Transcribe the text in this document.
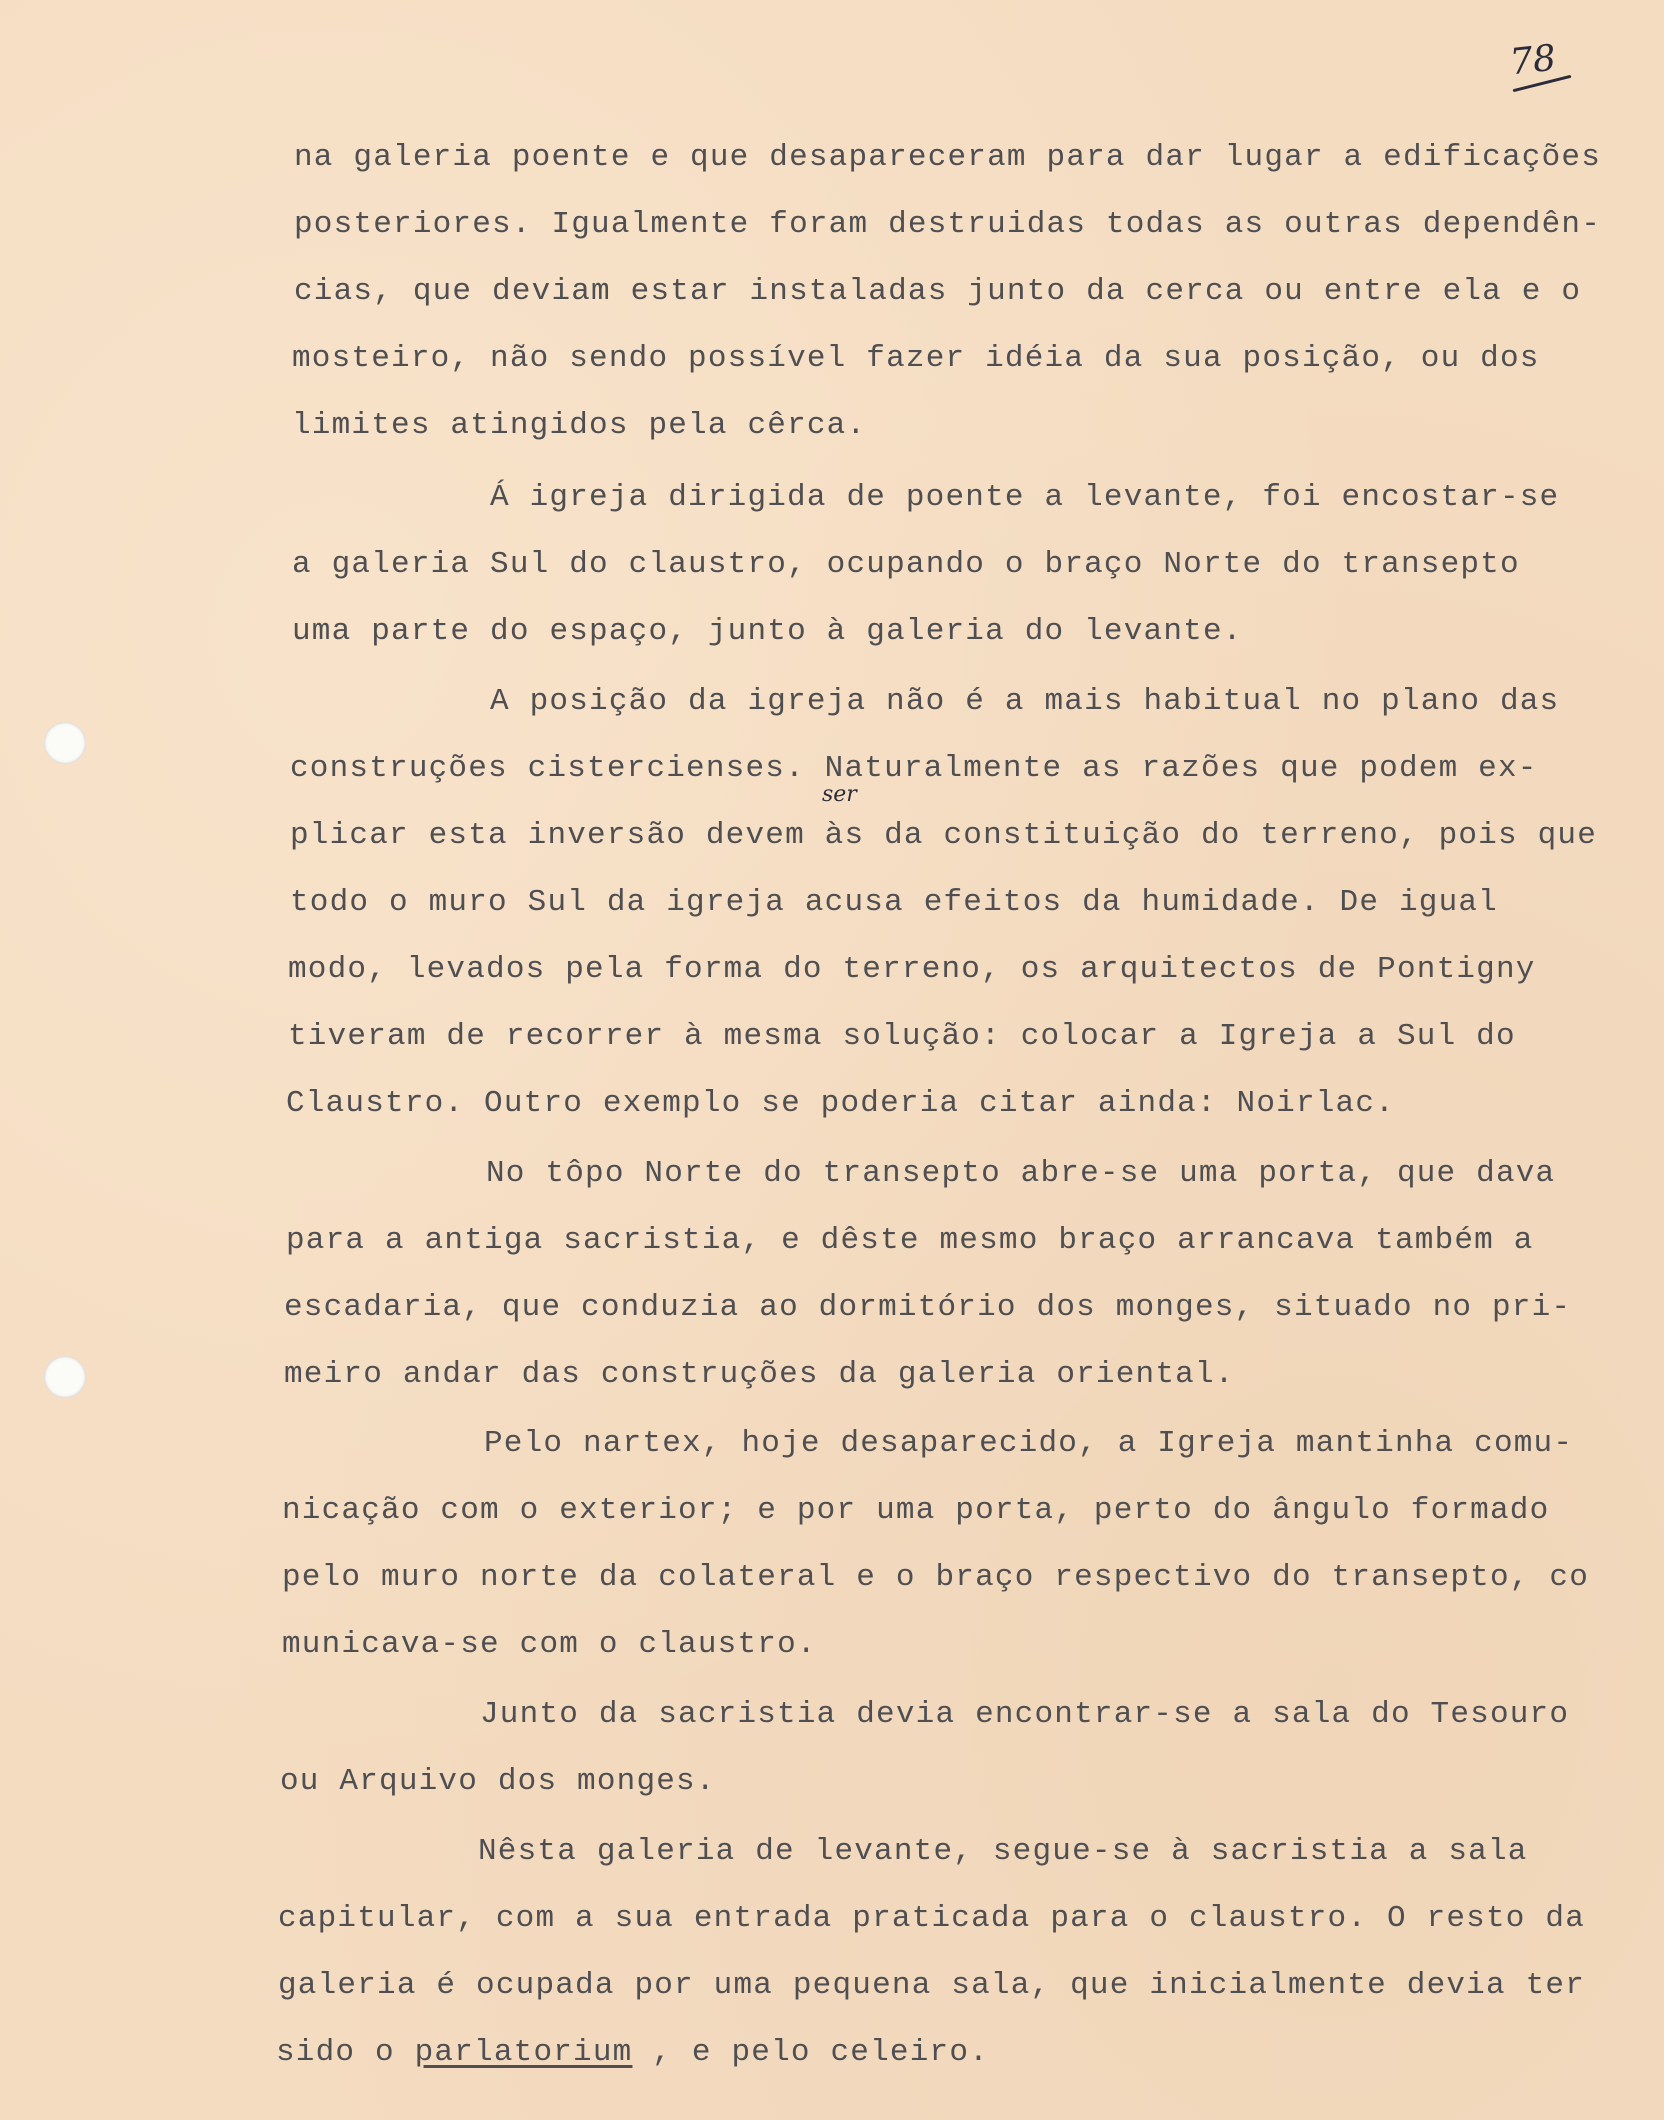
78
ser
na galeria poente e que desapareceram para dar lugar a edificações
posteriores. Igualmente foram destruidas todas as outras dependên-
cias, que deviam estar instaladas junto da cerca ou entre ela e o
mosteiro, não sendo possível fazer idéia da sua posição, ou dos
limites atingidos pela cêrca.
Á igreja dirigida de poente a levante, foi encostar-se
a galeria Sul do claustro, ocupando o braço Norte do transepto
uma parte do espaço, junto à galeria do levante.
A posição da igreja não é a mais habitual no plano das
construções cistercienses. Naturalmente as razões que podem ex-
plicar esta inversão devem às da constituição do terreno, pois que
todo o muro Sul da igreja acusa efeitos da humidade. De igual
modo, levados pela forma do terreno, os arquitectos de Pontigny
tiveram de recorrer à mesma solução: colocar a Igreja a Sul do
Claustro. Outro exemplo se poderia citar ainda: Noirlac.
No tôpo Norte do transepto abre-se uma porta, que dava
para a antiga sacristia, e dêste mesmo braço arrancava também a
escadaria, que conduzia ao dormitório dos monges, situado no pri-
meiro andar das construções da galeria oriental.
Pelo nartex, hoje desaparecido, a Igreja mantinha comu-
nicação com o exterior; e por uma porta, perto do ângulo formado
pelo muro norte da colateral e o braço respectivo do transepto, co
municava-se com o claustro.
Junto da sacristia devia encontrar-se a sala do Tesouro
ou Arquivo dos monges.
Nêsta galeria de levante, segue-se à sacristia a sala
capitular, com a sua entrada praticada para o claustro. O resto da
galeria é ocupada por uma pequena sala, que inicialmente devia ter
sido o parlatorium , e pelo celeiro.
